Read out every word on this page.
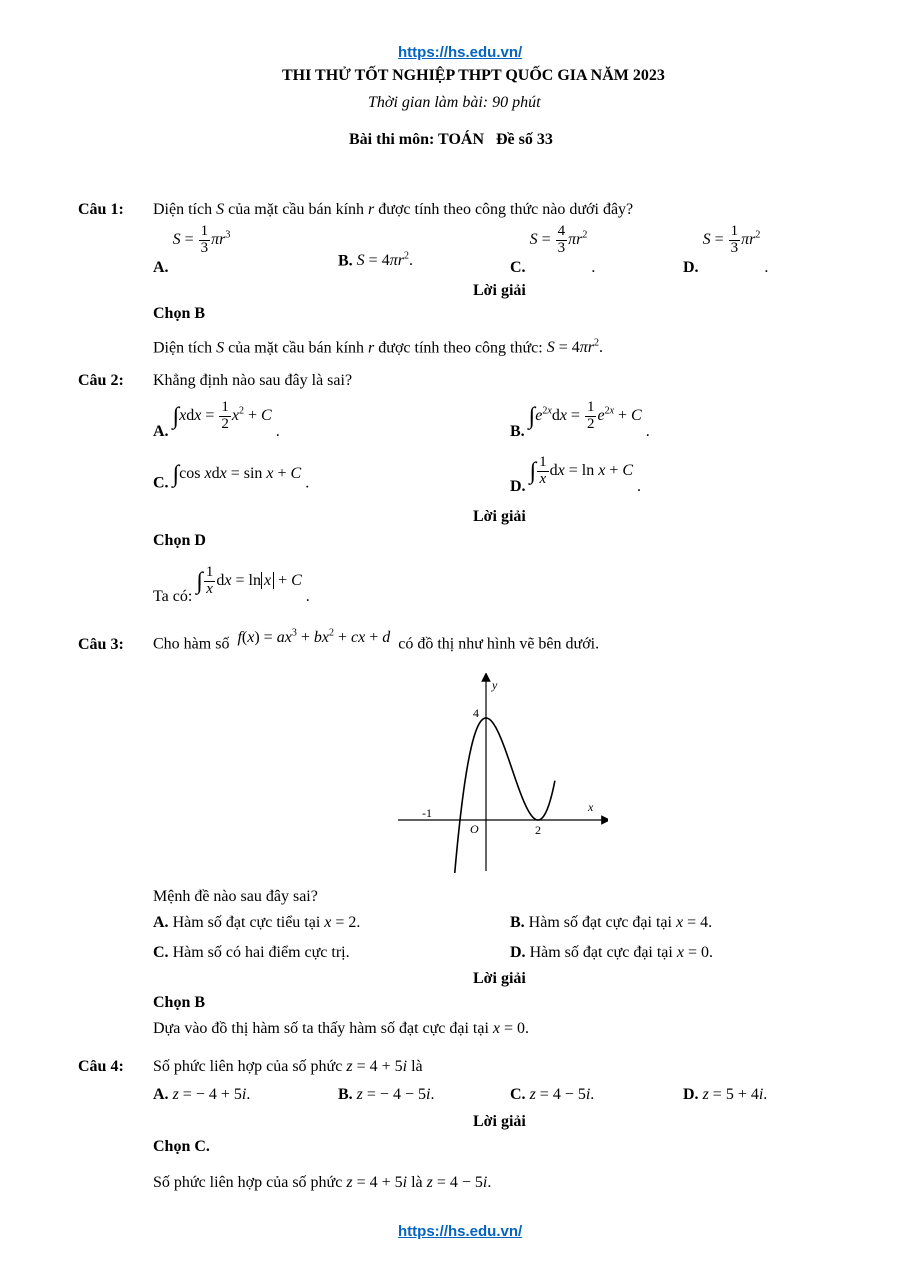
https://hs.edu.vn/
THI THỬ TỐT NGHIỆP THPT QUỐC GIA NĂM 2023
Thời gian làm bài: 90 phút
Bài thi môn: TOÁN   Đề số 33
Câu 1: Diện tích S của mặt cầu bán kính r được tính theo công thức nào dưới đây?
A. $S = \frac{1}{3} \pi r^3$
B. $S = 4\pi r^2$.	C. $S = \frac{4}{3} \pi r^2$ .	D. $S = \frac{1}{3} \pi r^2$ .
Lời giải
Chọn B
Diện tích S của mặt cầu bán kính r được tính theo công thức: $S = 4\pi r^2$.
Câu 2: Khẳng định nào sau đây là sai?
A. $\int xdx = \frac{1}{2} x^2 + C$ .	B. $\int e^{2x}dx = \frac{1}{2} e^{2x} + C$ .
C. ∫cos xdx = sin x + C .	D. ∫ $\frac{1}{x}$ dx = ln x + C .
Lời giải
Chọn D
Ta có: ∫ $\frac{1}{x}$ dx = ln x + C .
Câu 3: Cho hàm số $f(x) = ax^3 + bx^2$ + cx + d có đồ thị như hình vẽ bên dưới.
y
x
O
4
-1
2
Mệnh đề nào sau đây sai?
A. Hàm số đạt cực tiểu tại x = 2.	B. Hàm số đạt cực đại tại x = 4.
C. Hàm số có hai điểm cực trị.	D. Hàm số đạt cực đại tại x = 0.
Lời giải
Chọn B
Dựa vào đồ thị hàm số ta thấy hàm số đạt cực đại tại x = 0.
Câu 4: Số phức liên hợp của số phức z = 4 + 5i là
A. z = − 4 + 5i.	B. z = − 4 − 5i.	C. z = 4 − 5i.	D. z = 5 + 4i.
Lời giải
Chọn C.
Số phức liên hợp của số phức z = 4 + 5i là z = 4 − 5i.
https://hs.edu.vn/
